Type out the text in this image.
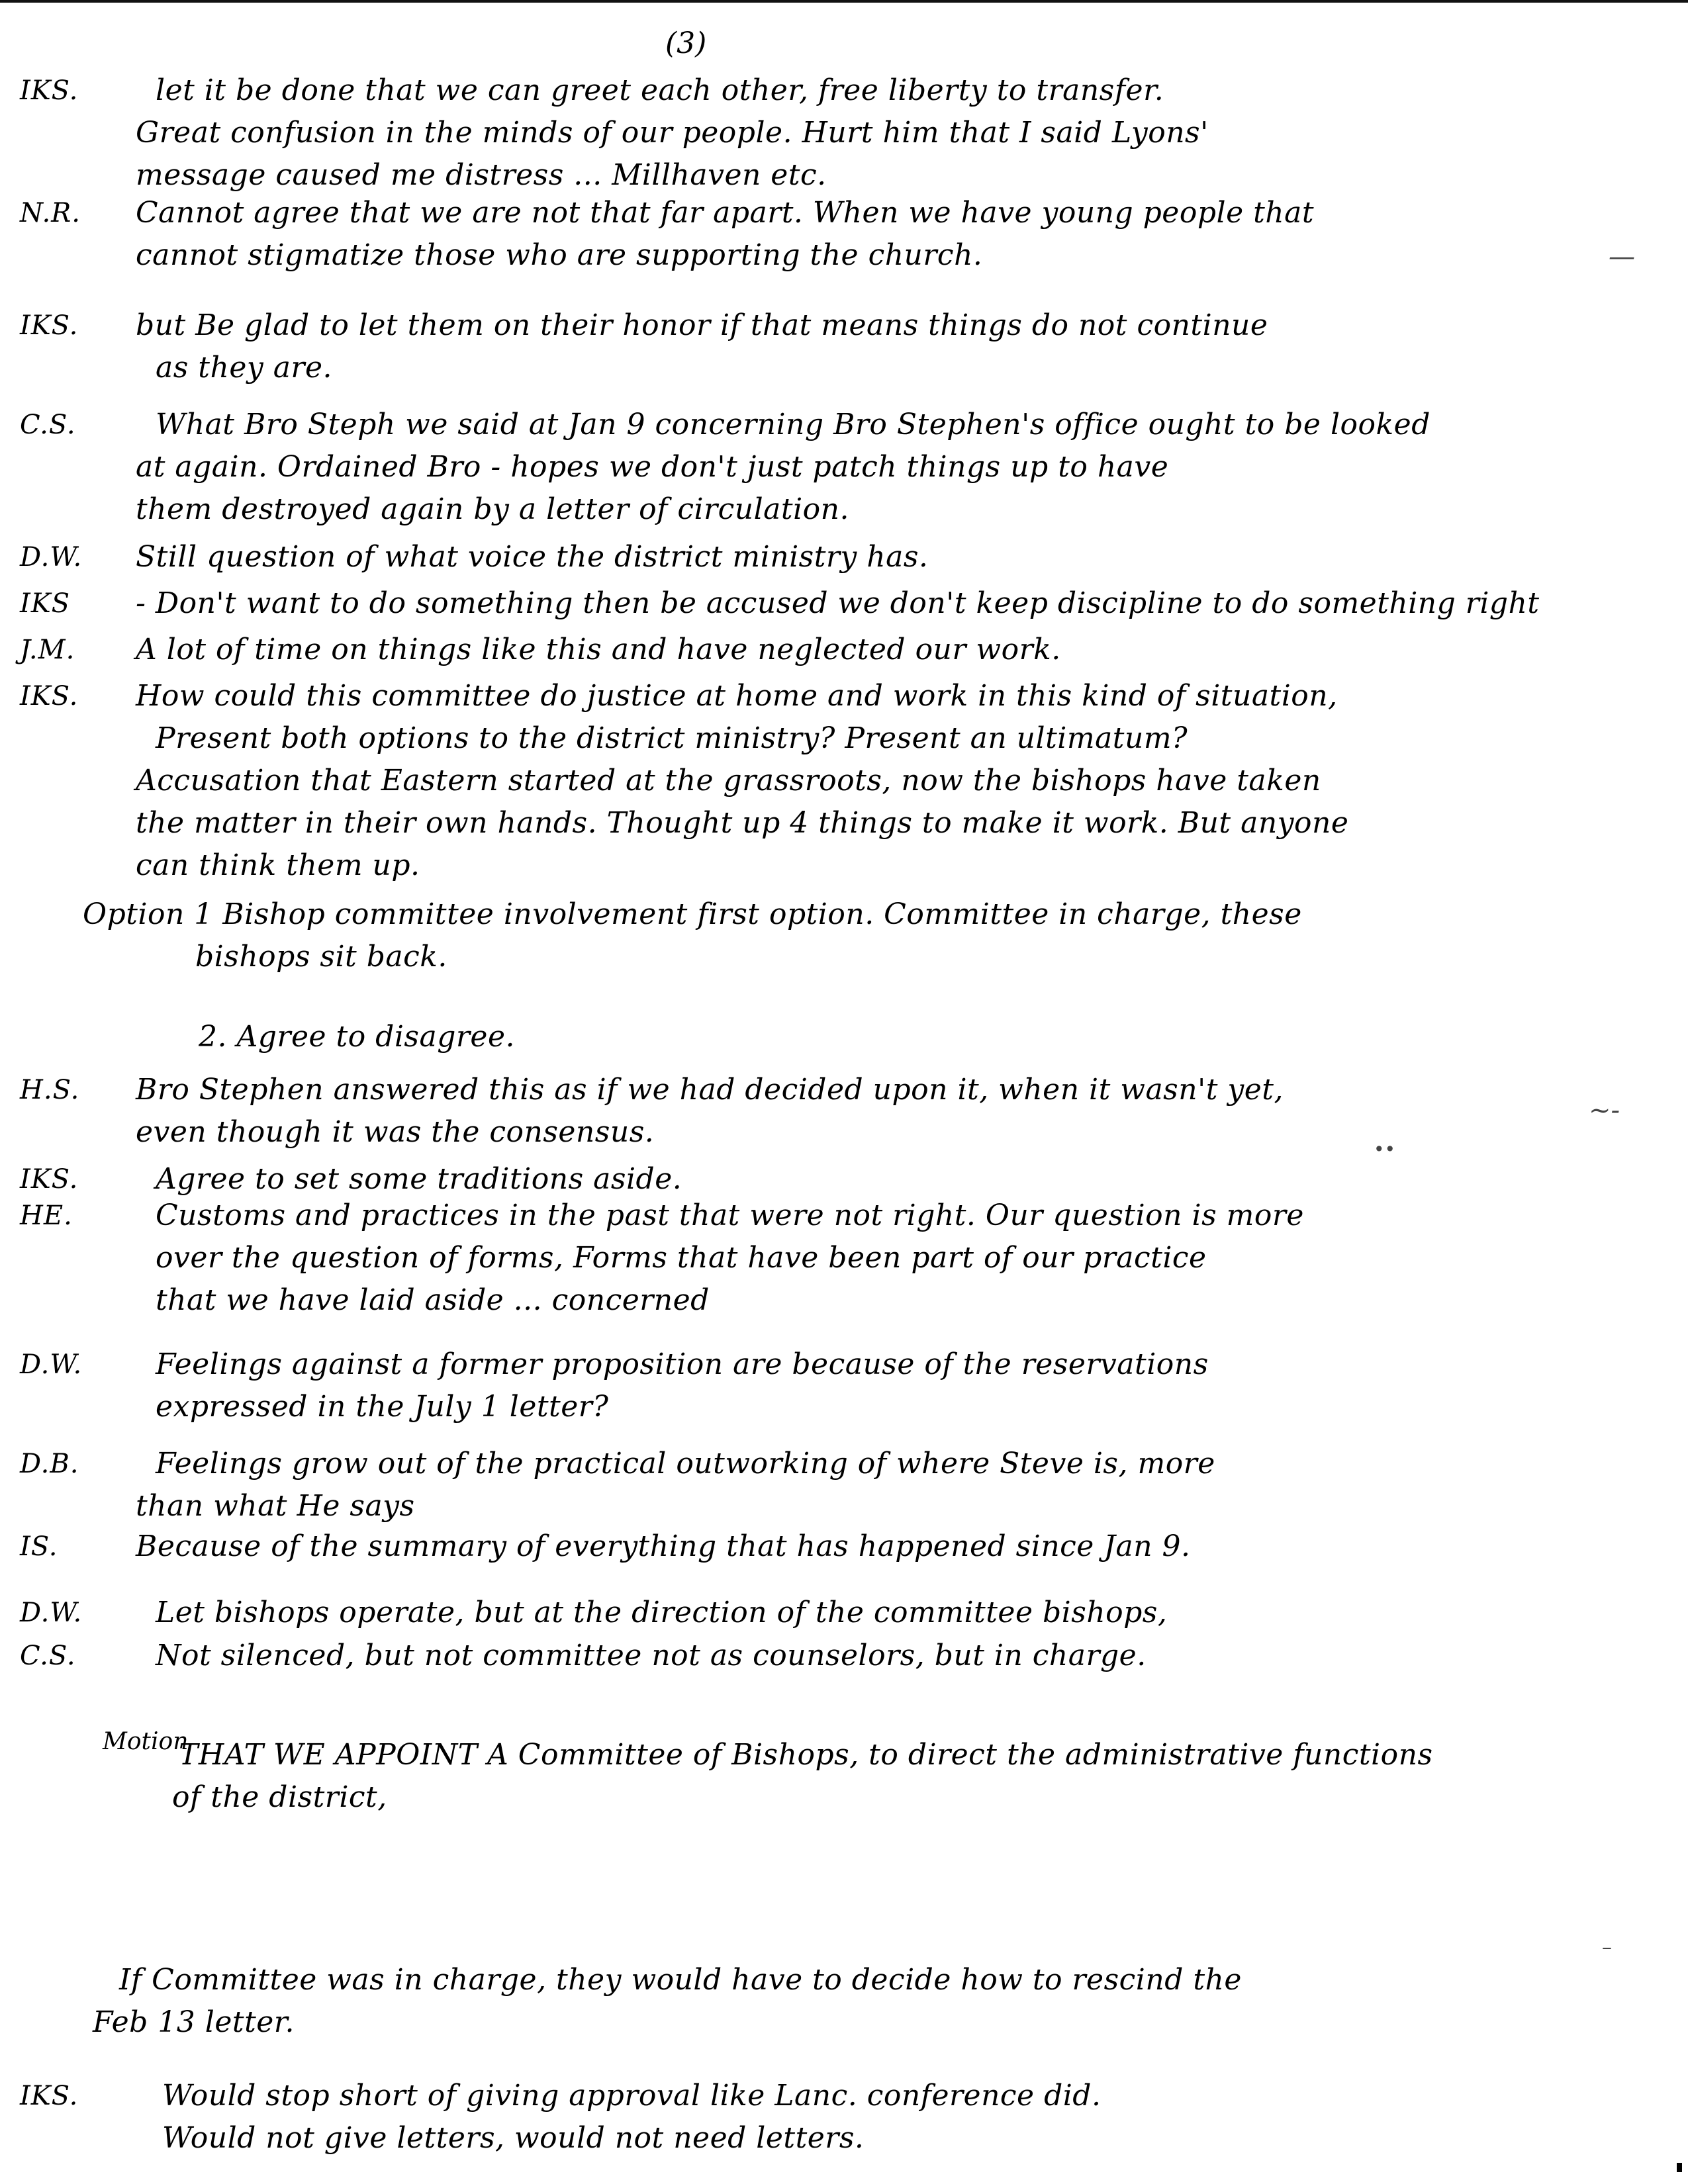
(3)
IKS.	let it be done that we can greet each other, free liberty to transfer.
Great confusion in the minds of our people. Hurt him that I said Lyons'
message caused me distress ... Millhaven etc.
N.R.	Cannot agree that we are not that far apart. When we have young people that
cannot stigmatize those who are supporting the church.	—
IKS.	but Be glad to let them on their honor if that means things do not continue
as they are.
C.S.	What Bro Steph we said at Jan 9 concerning Bro Stephen's office ought to be looked
at again. Ordained Bro - hopes we don't just patch things up to have
them destroyed again by a letter of circulation.
D.W.	Still question of what voice the district ministry has.
IKS	- Don't want to do something then be accused we don't keep discipline to do something right
J.M.	A lot of time on things like this and have neglected our work.
IKS.	How could this committee do justice at home and work in this kind of situation,
Present both options to the district ministry? Present an ultimatum?
Accusation that Eastern started at the grassroots, now the bishops have taken
the matter in their own hands. Thought up 4 things to make it work. But anyone
can think them up.
Option 1 Bishop committee involvement first option. Committee in charge, these
bishops sit back.
2. Agree to disagree.
H.S.	Bro Stephen answered this as if we had decided upon it, when it wasn't yet,
even though it was the consensus.
~-
IKS.	Agree to set some traditions aside.
••
HE.	Customs and practices in the past that were not right. Our question is more
over the question of forms, Forms that have been part of our practice
that we have laid aside ... concerned
D.W.	Feelings against a former proposition are because of the reservations
expressed in the July 1 letter?
D.B.	Feelings grow out of the practical outworking of where Steve is, more
than what He says
IS.	Because of the summary of everything that has happened since Jan 9.
D.W.	Let bishops operate, but at the direction of the committee bishops,
C.S.	Not silenced, but not committee not as counselors, but in charge.
Motion
THAT WE APPOINT A Committee of Bishops, to direct the administrative functions
of the district,
If Committee was in charge, they would have to decide how to rescind the
Feb 13 letter.
–
IKS.	Would stop short of giving approval like Lanc. conference did.
Would not give letters, would not need letters.
